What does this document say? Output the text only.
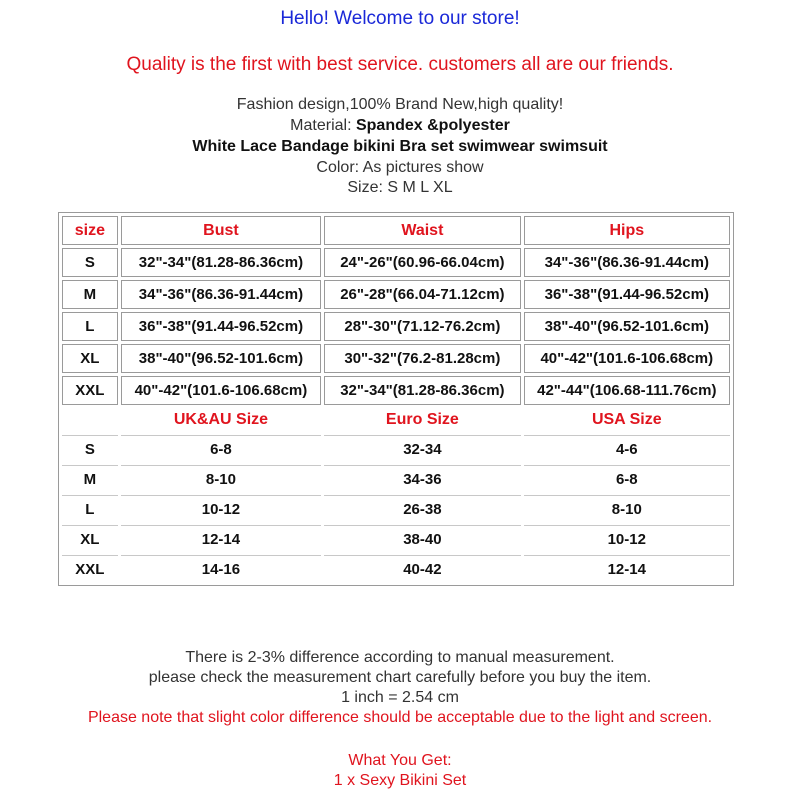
Hello! Welcome to our store!
Quality is the first with best service. customers all are our friends.
Fashion design,100% Brand New,high quality!
Material: Spandex &polyester
White Lace Bandage bikini Bra set swimwear swimsuit
Color: As pictures show
Size: S M L XL
size	Bust	Waist	Hips
S	32"-34"(81.28-86.36cm)	24"-26"(60.96-66.04cm)	34"-36"(86.36-91.44cm)
M	34"-36"(86.36-91.44cm)	26"-28"(66.04-71.12cm)	36"-38"(91.44-96.52cm)
L	36"-38"(91.44-96.52cm)	28"-30"(71.12-76.2cm)	38"-40"(96.52-101.6cm)
XL	38"-40"(96.52-101.6cm)	30"-32"(76.2-81.28cm)	40"-42"(101.6-106.68cm)
XXL	40"-42"(101.6-106.68cm)	32"-34"(81.28-86.36cm)	42"-44"(106.68-111.76cm)
	UK&AU Size	Euro Size	USA Size
S	6-8	32-34	4-6
M	8-10	34-36	6-8
L	10-12	26-38	8-10
XL	12-14	38-40	10-12
XXL	14-16	40-42	12-14
There is 2-3% difference according to manual measurement.
please check the measurement chart carefully before you buy the item.
1 inch = 2.54 cm
Please note that slight color difference should be acceptable due to the light and screen.
What You Get:
1 x Sexy Bikini Set
